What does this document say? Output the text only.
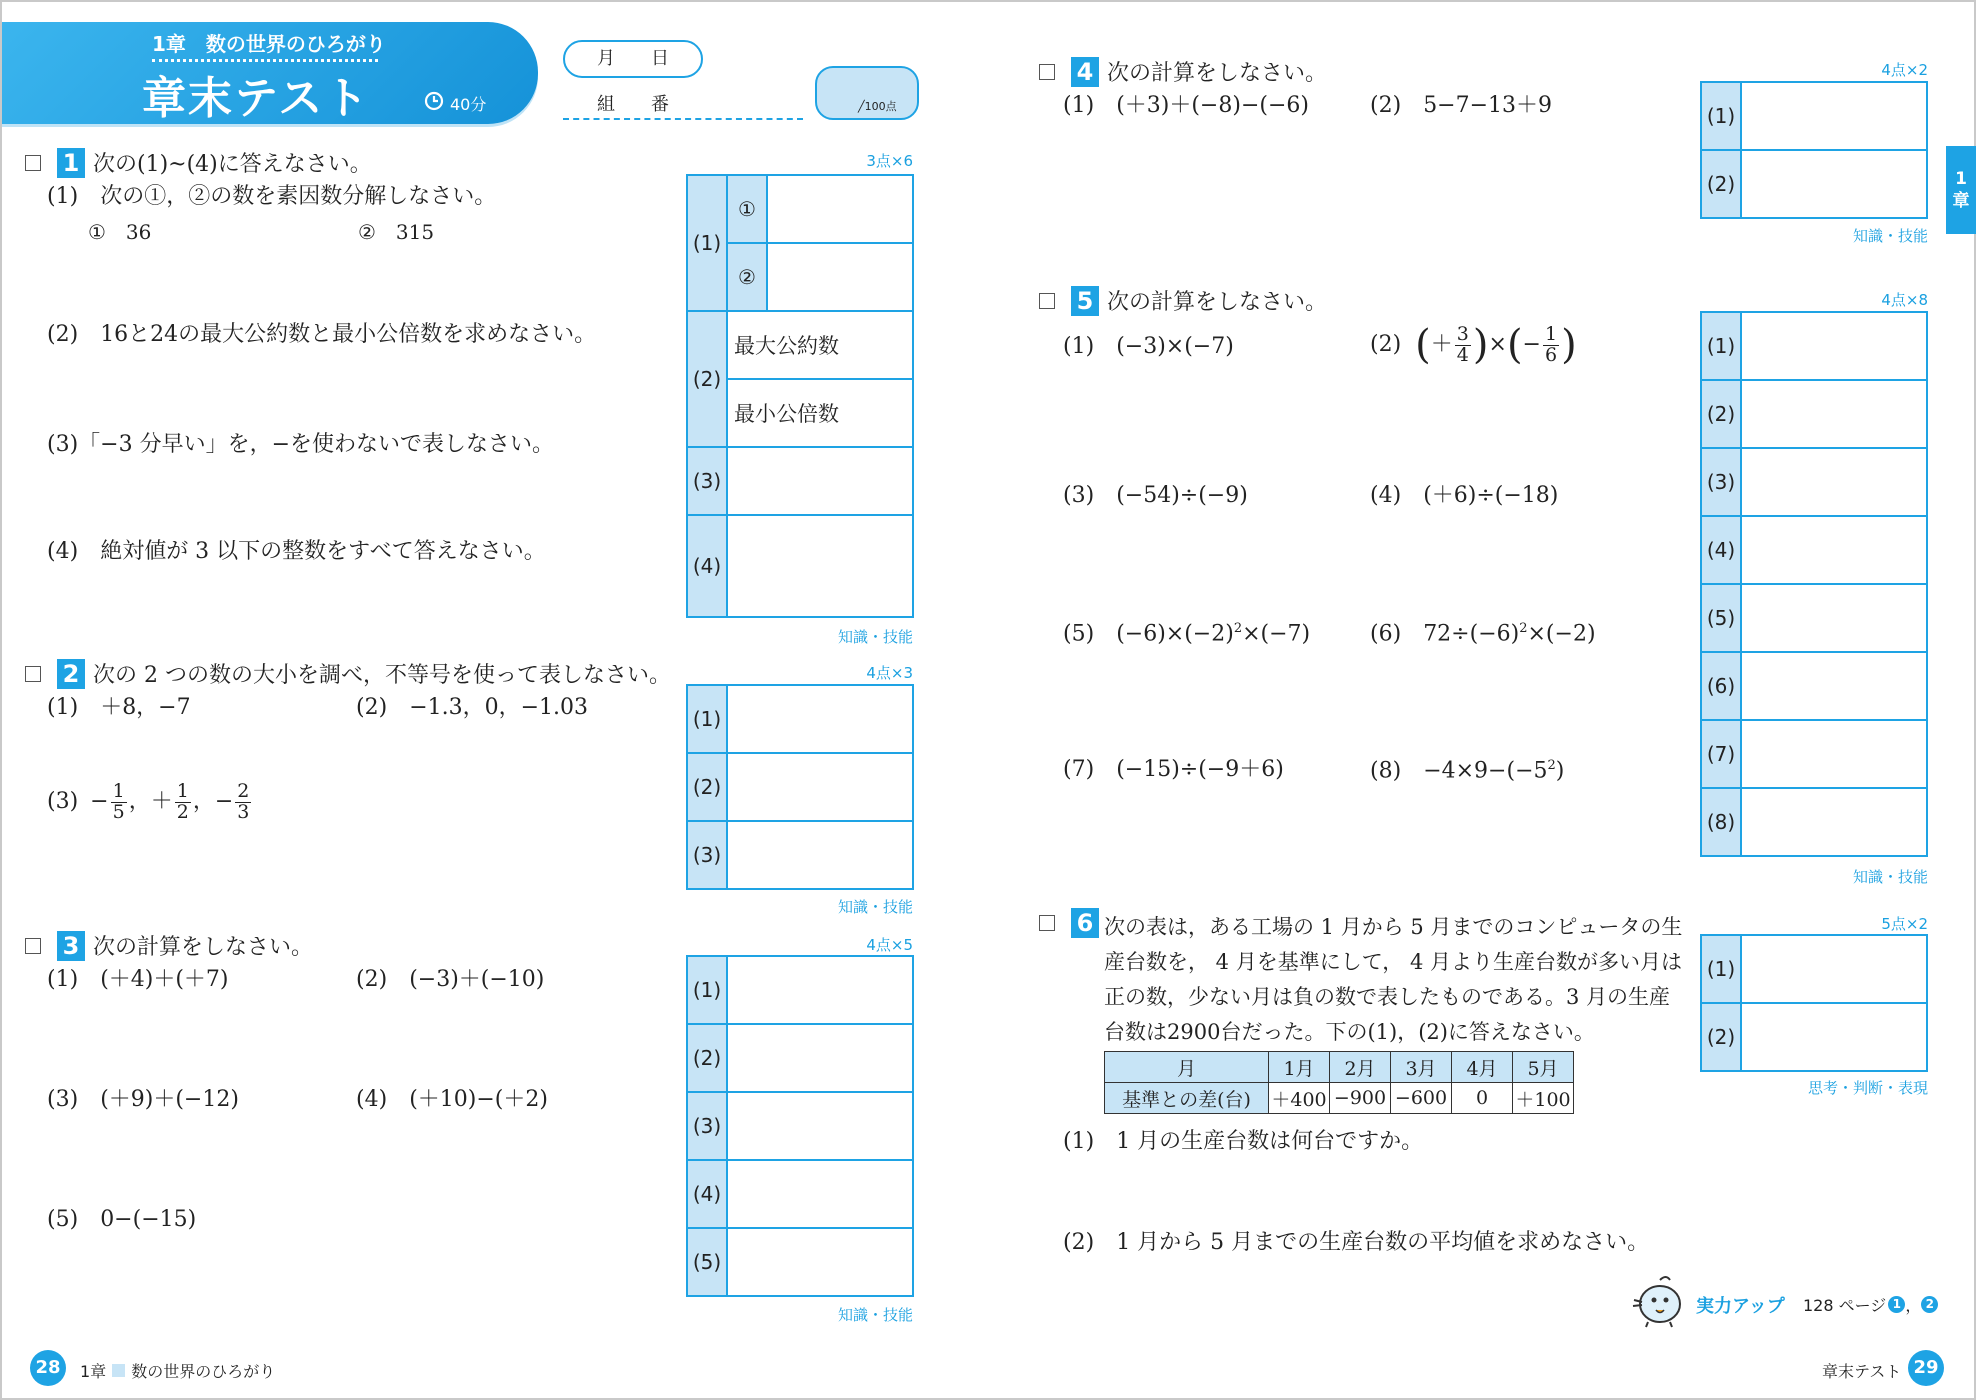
1章　数の世界のひろがり
章末テスト	40分
月　　日
組　　番	╱100点
1 次の(1)~(4)に答えなさい。	3点×6
(1)　 次の①，②の数を素因数分解しなさい。
①　36	②　315
(2)　 16と24の最大公約数と最小公倍数を求めなさい。
(3)「−3 分早い」を，−を使わないで表しなさい。
(4)　 絶対値が 3 以下の整数をすべて答えなさい。
(1)	①	
	②	
(2)	最大公約数	
	最小公倍数	
(3)		
(4)		
知識・技能
2 次の 2 つの数の大小を調べ，不等号を使って表しなさい。	4点×3
(1)　 ＋8，−7	(2)　 −1.3，0，−1.03
$(3) - \frac{1}{5}$ ， ＋ $\frac{1}{2}$ ， − $\frac{2}{3}$
(1)	
(2)	
(3)	
知識・技能
3 次の計算をしなさい。	4点×5
(1)　 (＋4)＋(＋7)	(2)　 (−3)＋(−10)
(3)　 (＋9)＋(−12)	(4)　 (＋10)−(＋2)
(5)　 0−(−15)
(1)	
(2)	
(3)	
(4)	
(5)	
知識・技能
28	1章 数の世界のひろがり
4 次の計算をしなさい。	4点×2
(1)　 (＋3)＋(−8)−(−6)	(2)　 5−7−13＋9	(1)	
(2)	
知識・技能
1
章
5 次の計算をしなさい。	4点×8
(1)　 (−3)×(−7)	(2) ( ＋ $\frac{3}{4}$ ) × ( − $\frac{1}{6}$ )
(3)　 (−54)÷(−9)	(4)　 (＋6)÷(−18)
(5)　 $(-6)\times(-2)^2\times(-7)$	(6)　 $72\div(-6)^2\times(-2)$
(7)　 (−15)÷(−9＋6)	(8)　 $-4\times 9-(-5^2)$
(1)	
(2)	
(3)	
(4)	
(5)	
(6)	
(7)	
(8)	
知識・技能
6 次の表は，ある工場の 1 月から 5 月までのコンピュータの生
産台数を， 4 月を基準にして， 4 月より生産台数が多い月は
正の数，少ない月は負の数で表したものである。3 月の生産
台数は2900台だった。下の(1)，(2)に答えなさい。
5点×2
月	1月	2月	3月	4月	5月
基準との差(台)	＋400	−900	−600	0	＋100
(1)　 1 月の生産台数は何台ですか。
(2)　 1 月から 5 月までの生産台数の平均値を求めなさい。
(1)	
(2)	
思考・判断・表現
実力アップ 128 ページ 1 ， 2
章末テスト 29
